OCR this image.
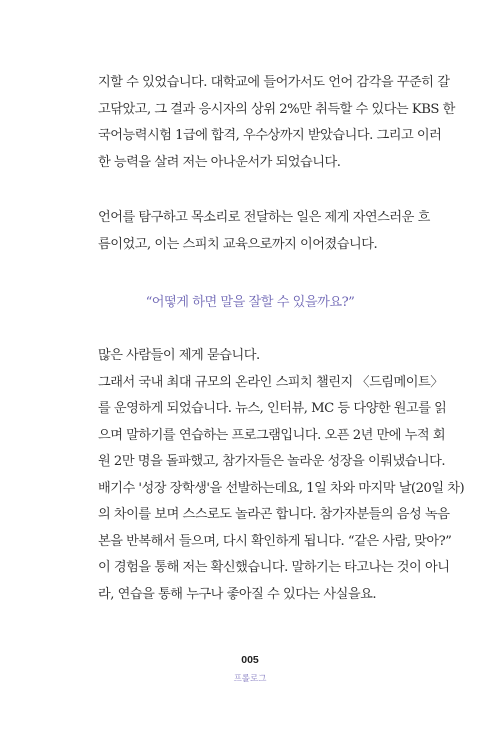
지할 수 있었습니다. 대학교에 들어가서도 언어 감각을 꾸준히 갈
고닦았고, 그 결과 응시자의 상위 2%만 취득할 수 있다는 KBS 한
국어능력시험 1급에 합격, 우수상까지 받았습니다. 그리고 이러
한 능력을 살려 저는 아나운서가 되었습니다.
언어를 탐구하고 목소리로 전달하는 일은 제게 자연스러운 흐
름이었고, 이는 스피치 교육으로까지 이어졌습니다.
“어떻게 하면 말을 잘할 수 있을까요?”
많은 사람들이 제게 묻습니다.
그래서 국내 최대 규모의 온라인 스피치 챌린지 〈드림메이트〉
를 운영하게 되었습니다. 뉴스, 인터뷰, MC 등 다양한 원고를 읽
으며 말하기를 연습하는 프로그램입니다. 오픈 2년 만에 누적 회
원 2만 명을 돌파했고, 참가자들은 놀라운 성장을 이뤄냈습니다.
배기수 '성장 장학생'을 선발하는데요, 1일 차와 마지막 날(20일 차)
의 차이를 보며 스스로도 놀라곤 합니다. 참가자분들의 음성 녹음
본을 반복해서 들으며, 다시 확인하게 됩니다. “같은 사람, 맞아?”
이 경험을 통해 저는 확신했습니다. 말하기는 타고나는 것이 아니
라, 연습을 통해 누구나 좋아질 수 있다는 사실을요.
005
프롤로그
